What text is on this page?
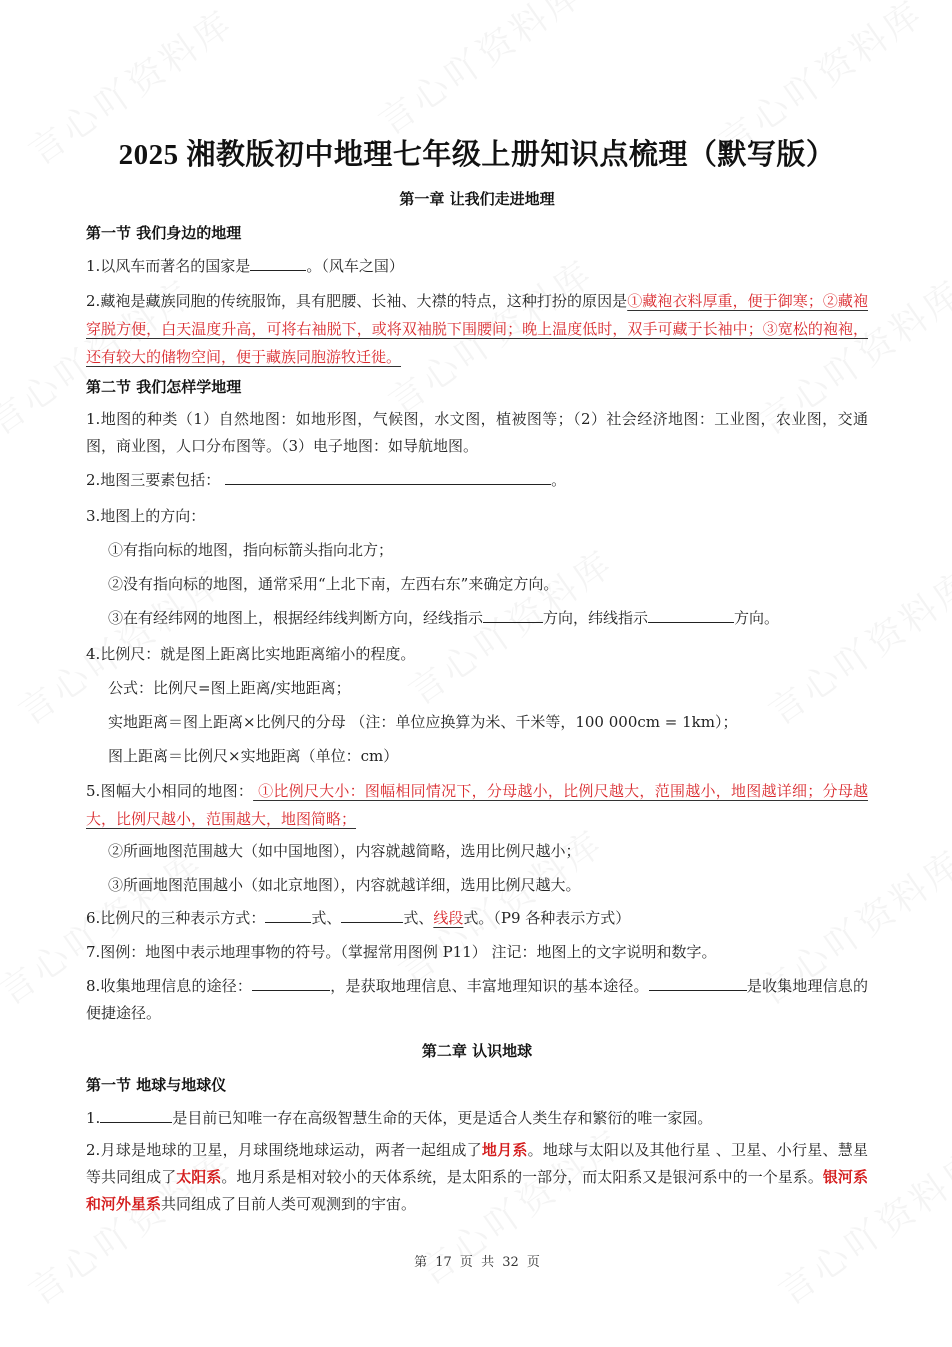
2025 湘教版初中地理七年级上册知识点梳理（默写版）
第一章 让我们走进地理
第一节 我们身边的地理
1.以风车而著名的国家是	。（风车之国）
2.藏袍是藏族同胞的传统服饰，具有肥腰、长袖、大襟的特点，这种打扮的原因是①藏袍衣料厚重，便于御寒；②藏袍穿脱方便，白天温度升高，可将右袖脱下，或将双袖脱下围腰间；晚上温度低时，双手可藏于长袖中；③宽松的袍袍，还有较大的储物空间，便于藏族同胞游牧迁徙。
第二节 我们怎样学地理
1.地图的种类（1）自然地图：如地形图，气候图，水文图，植被图等；（2）社会经济地图：工业图，农业图，交通图，商业图，人口分布图等。（3）电子地图：如导航地图。
2.地图三要素包括：	。
3.地图上的方向：
①有指向标的地图，指向标箭头指向北方；
②没有指向标的地图，通常采用“上北下南，左西右东”来确定方向。
③在有经纬网的地图上，根据经纬线判断方向，经线指示	方向，纬线指示	方向。
4.比例尺：就是图上距离比实地距离缩小的程度。
公式：比例尺=图上距离/实地距离；
实地距离＝图上距离×比例尺的分母 （注：单位应换算为米、千米等，100 000cm = 1km）；
图上距离＝比例尺×实地距离（单位：cm）
5.图幅大小相同的地图： ①比例尺大小：图幅相同情况下，分母越小，比例尺越大，范围越小，地图越详细；分母越大，比例尺越小，范围越大，地图简略；
②所画地图范围越大（如中国地图），内容就越简略，选用比例尺越小；
③所画地图范围越小（如北京地图），内容就越详细，选用比例尺越大。
6.比例尺的三种表示方式：	式、	式、线段式。（P9 各种表示方式）
7.图例：地图中表示地理事物的符号。（掌握常用图例 P11） 注记：地图上的文字说明和数字。
8.收集地理信息的途径：	，是获取地理信息、丰富地理知识的基本途径。	是收集地理信息的便捷途径。
第二章 认识地球
第一节 地球与地球仪
1.	是目前已知唯一存在高级智慧生命的天体，更是适合人类生存和繁衍的唯一家园。
2.月球是地球的卫星，月球围绕地球运动，两者一起组成了地月系。地球与太阳以及其他行星 、卫星、小行星、慧星等共同组成了太阳系。地月系是相对较小的天体系统，是太阳系的一部分，而太阳系又是银河系中的一个星系。银河系和河外星系共同组成了目前人类可观测到的宇宙。
第 17 页 共 32 页
